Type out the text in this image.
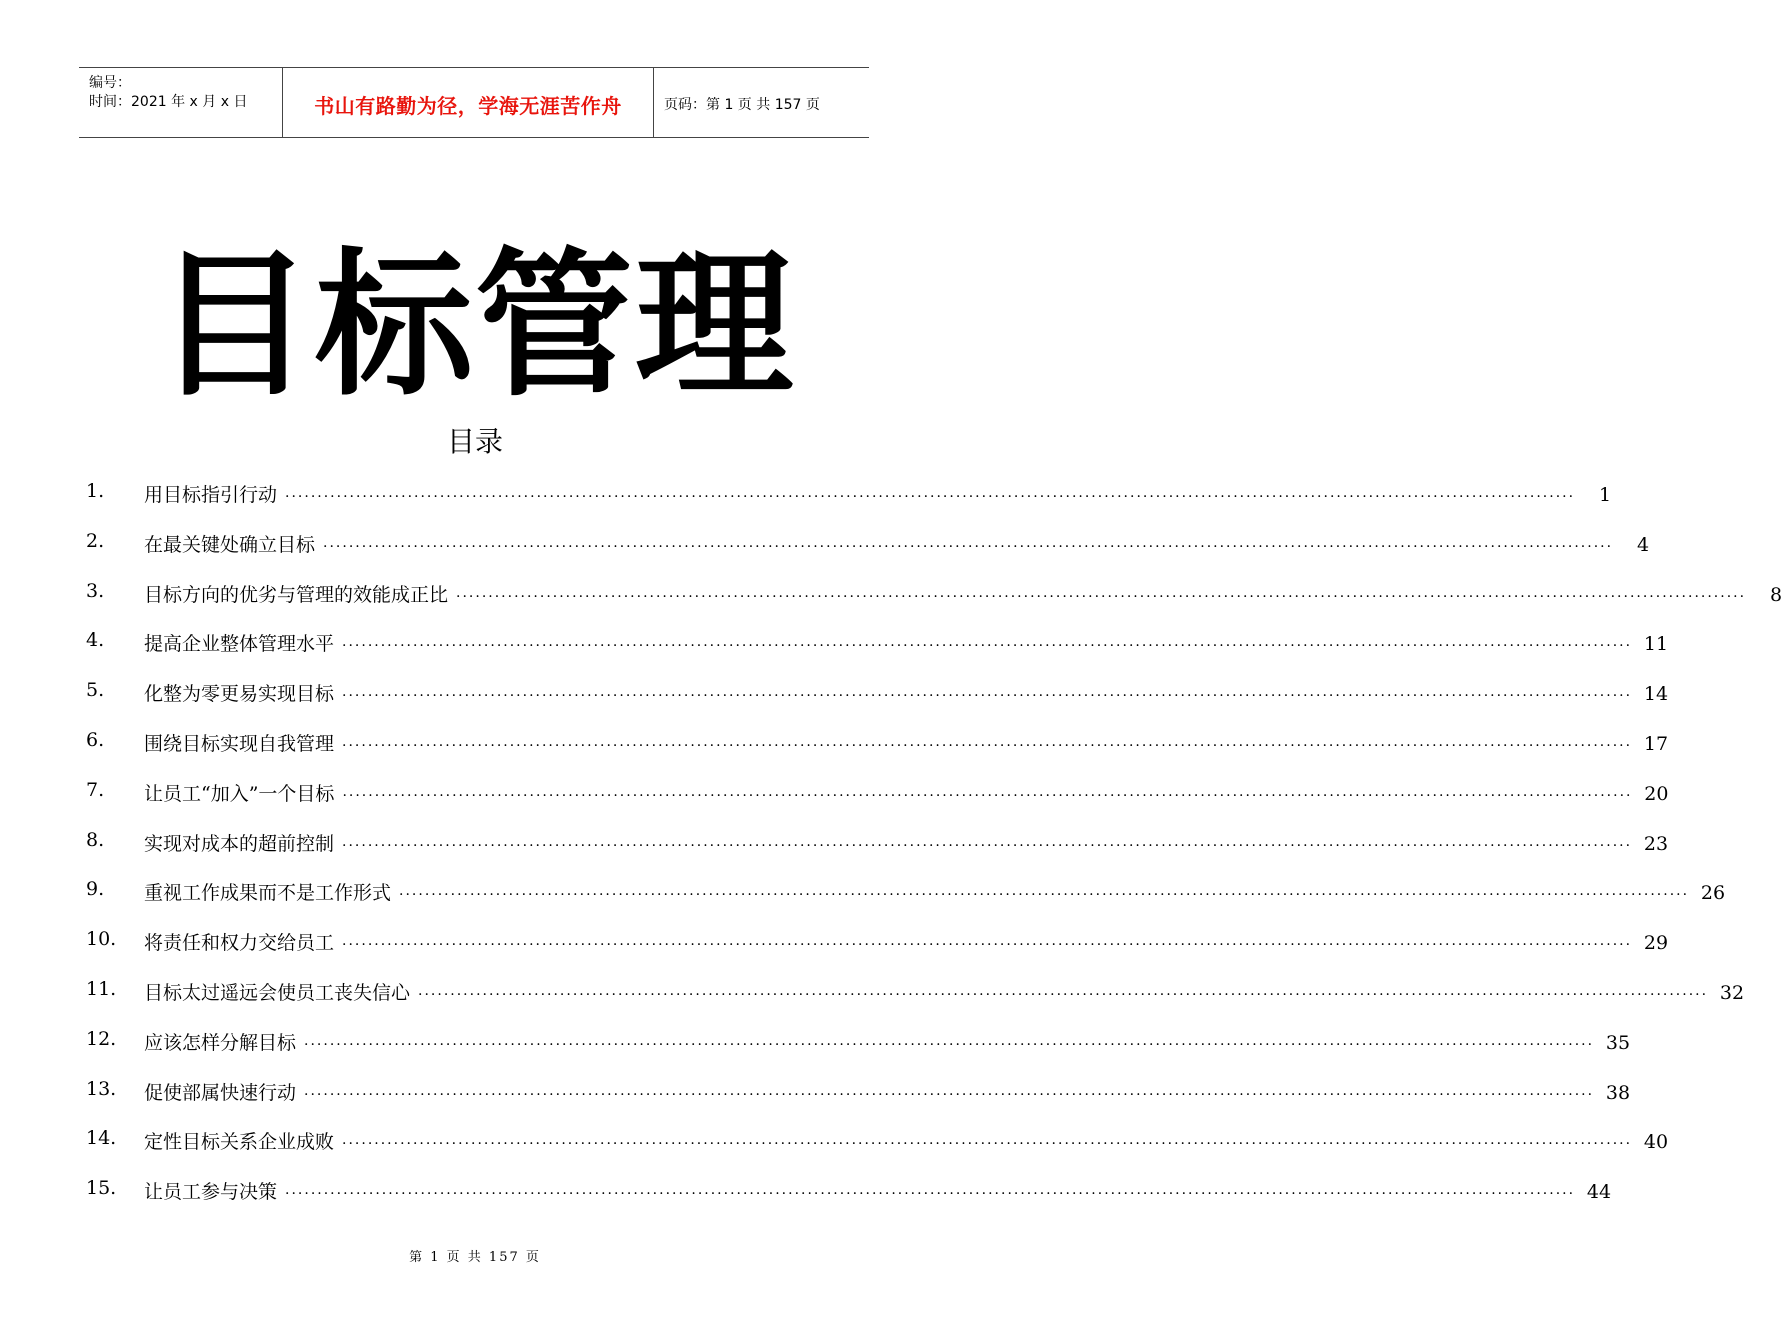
编号：
时间：2021 年 x 月 x 日	书山有路勤为径，学海无涯苦作舟	页码：第 1 页 共 157 页
目标管理
目录
1. 用目标指引行动 ········································································································································································································	1
2. 在最关键处确立目标 ········································································································································································································	4
3. 目标方向的优劣与管理的效能成正比 ········································································································································································································	8
4. 提高企业整体管理水平 ········································································································································································································ 11
5. 化整为零更易实现目标 ········································································································································································································ 14
6. 围绕目标实现自我管理 ········································································································································································································ 17
7. 让员工“加入”一个目标 ········································································································································································································ 20
8. 实现对成本的超前控制 ········································································································································································································ 23
9. 重视工作成果而不是工作形式 ········································································································································································································ 26
10. 将责任和权力交给员工 ········································································································································································································ 29
11. 目标太过遥远会使员工丧失信心 ········································································································································································································ 32
12. 应该怎样分解目标 ········································································································································································································ 35
13. 促使部属快速行动 ········································································································································································································ 38
14. 定性目标关系企业成败 ········································································································································································································ 40
15. 让员工参与决策 ········································································································································································································ 44
第 1 页 共 157 页
